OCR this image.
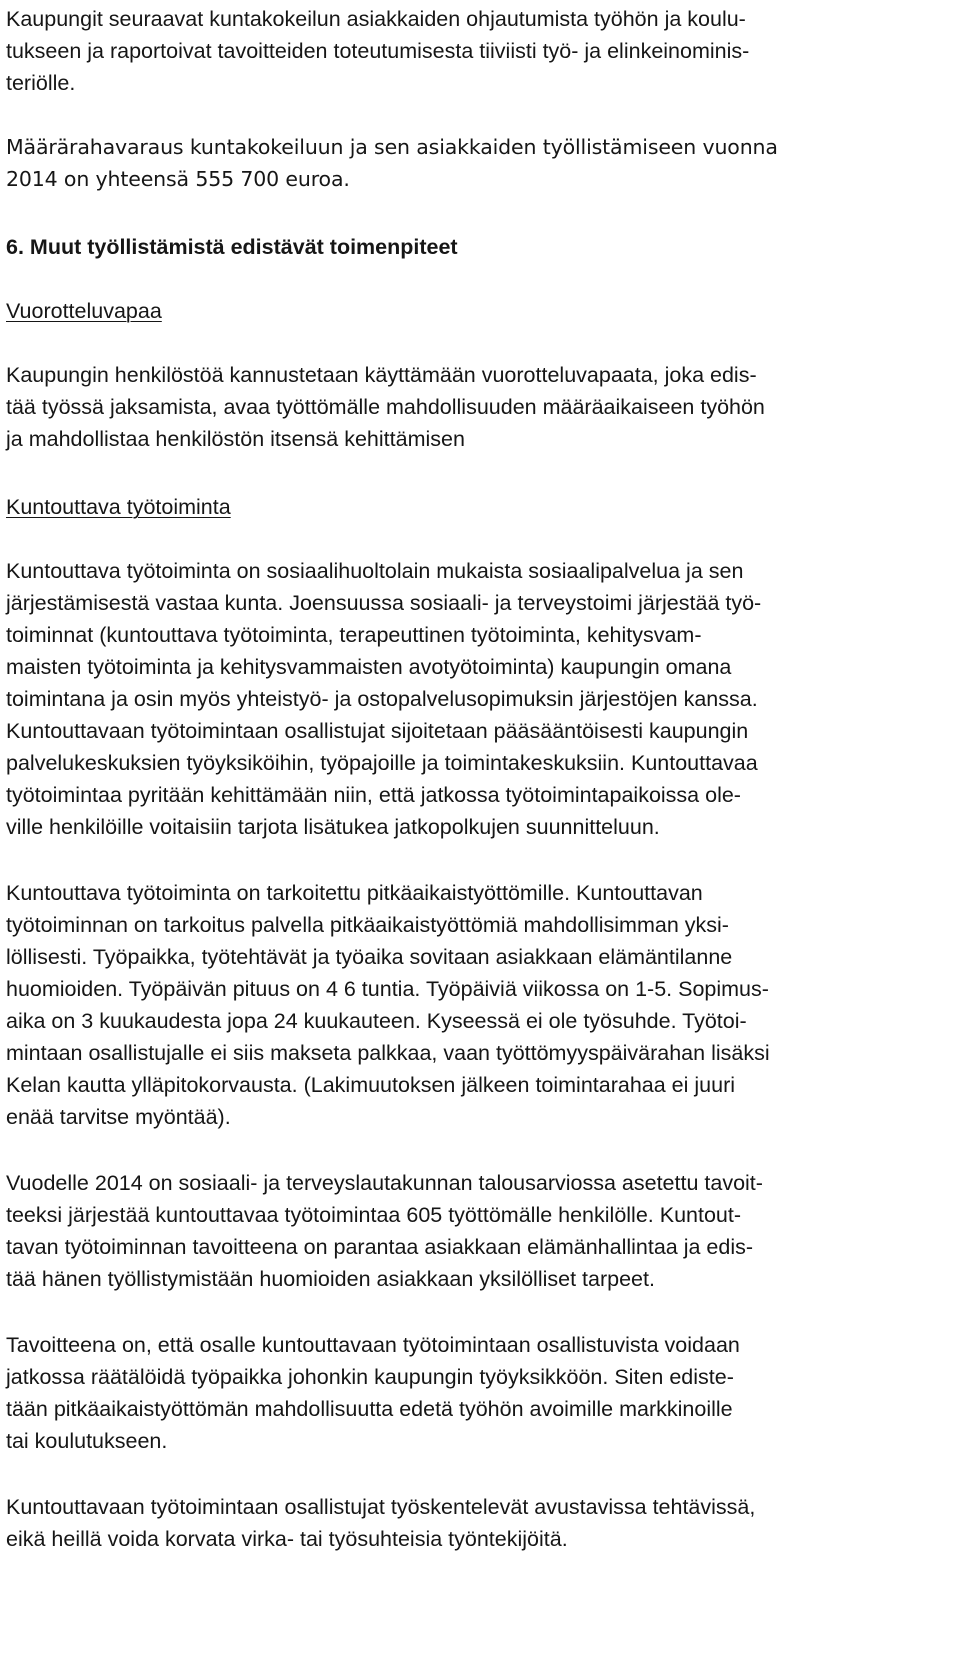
Kaupungit seuraavat kuntakokeilun asiakkaiden ohjautumista työhön ja koulu-
tukseen ja raportoivat tavoitteiden toteutumisesta tiiviisti työ- ja elinkeinominis-
teriölle.
Määrärahavaraus kuntakokeiluun ja sen asiakkaiden työllistämiseen vuonna
2014 on yhteensä 555 700 euroa.
6. Muut työllistämistä edistävät toimenpiteet
Vuorotteluvapaa
Kaupungin henkilöstöä kannustetaan käyttämään vuorotteluvapaata, joka edis-
tää työssä jaksamista, avaa työttömälle mahdollisuuden määräaikaiseen työhön
ja mahdollistaa henkilöstön itsensä kehittämisen
Kuntouttava työtoiminta
Kuntouttava työtoiminta on sosiaalihuoltolain mukaista sosiaalipalvelua ja sen
järjestämisestä vastaa kunta. Joensuussa sosiaali- ja terveystoimi järjestää työ-
toiminnat (kuntouttava työtoiminta, terapeuttinen työtoiminta, kehitysvam-
maisten työtoiminta ja kehitysvammaisten avotyötoiminta) kaupungin omana
toimintana ja osin myös yhteistyö- ja ostopalvelusopimuksin järjestöjen kanssa.
Kuntouttavaan työtoimintaan osallistujat sijoitetaan pääsääntöisesti kaupungin
palvelukeskuksien työyksiköihin, työpajoille ja toimintakeskuksiin. Kuntouttavaa
työtoimintaa pyritään kehittämään niin, että jatkossa työtoimintapaikoissa ole-
ville henkilöille voitaisiin tarjota lisätukea jatkopolkujen suunnitteluun.
Kuntouttava työtoiminta on tarkoitettu pitkäaikaistyöttömille. Kuntouttavan
työtoiminnan on tarkoitus palvella pitkäaikaistyöttömiä mahdollisimman yksi-
löllisesti. Työpaikka, työtehtävät ja työaika sovitaan asiakkaan elämäntilanne
huomioiden. Työpäivän pituus on 4 6 tuntia. Työpäiviä viikossa on 1-5. Sopimus-
aika on 3 kuukaudesta jopa 24 kuukauteen. Kyseessä ei ole työsuhde. Työtoi-
mintaan osallistujalle ei siis makseta palkkaa, vaan työttömyyspäivärahan lisäksi
Kelan kautta ylläpitokorvausta. (Lakimuutoksen jälkeen toimintarahaa ei juuri
enää tarvitse myöntää).
Vuodelle 2014 on sosiaali- ja terveyslautakunnan talousarviossa asetettu tavoit-
teeksi järjestää kuntouttavaa työtoimintaa 605 työttömälle henkilölle. Kuntout-
tavan työtoiminnan tavoitteena on parantaa asiakkaan elämänhallintaa ja edis-
tää hänen työllistymistään huomioiden asiakkaan yksilölliset tarpeet.
Tavoitteena on, että osalle kuntouttavaan työtoimintaan osallistuvista voidaan
jatkossa räätälöidä työpaikka johonkin kaupungin työyksikköön. Siten ediste-
tään pitkäaikaistyöttömän mahdollisuutta edetä työhön avoimille markkinoille
tai koulutukseen.
Kuntouttavaan työtoimintaan osallistujat työskentelevät avustavissa tehtävissä,
eikä heillä voida korvata virka- tai työsuhteisia työntekijöitä.
